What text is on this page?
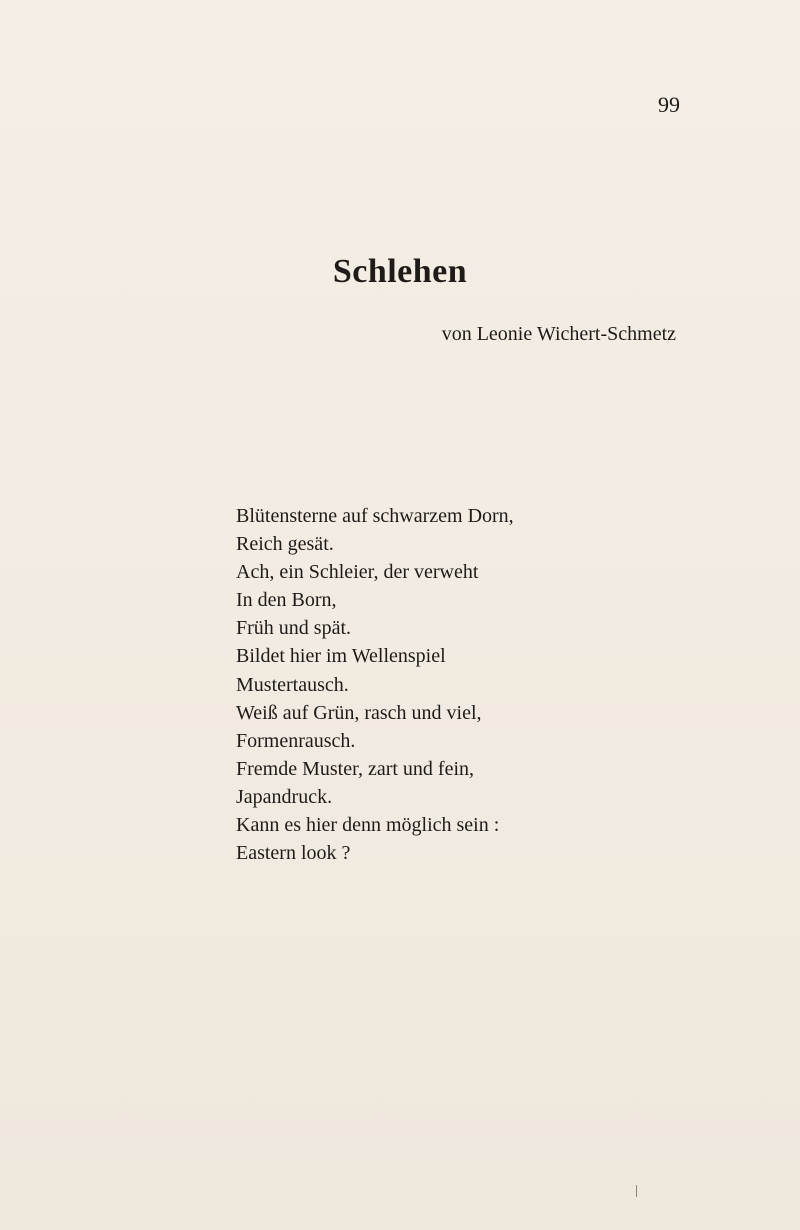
99
Schlehen
von Leonie Wichert-Schmetz
Blütensterne auf schwarzem Dorn,
Reich gesät.
Ach, ein Schleier, der verweht
In den Born,
Früh und spät.
Bildet hier im Wellenspiel
Mustertausch.
Weiß auf Grün, rasch und viel,
Formenrausch.
Fremde Muster, zart und fein,
Japandruck.
Kann es hier denn möglich sein :
Eastern look ?
